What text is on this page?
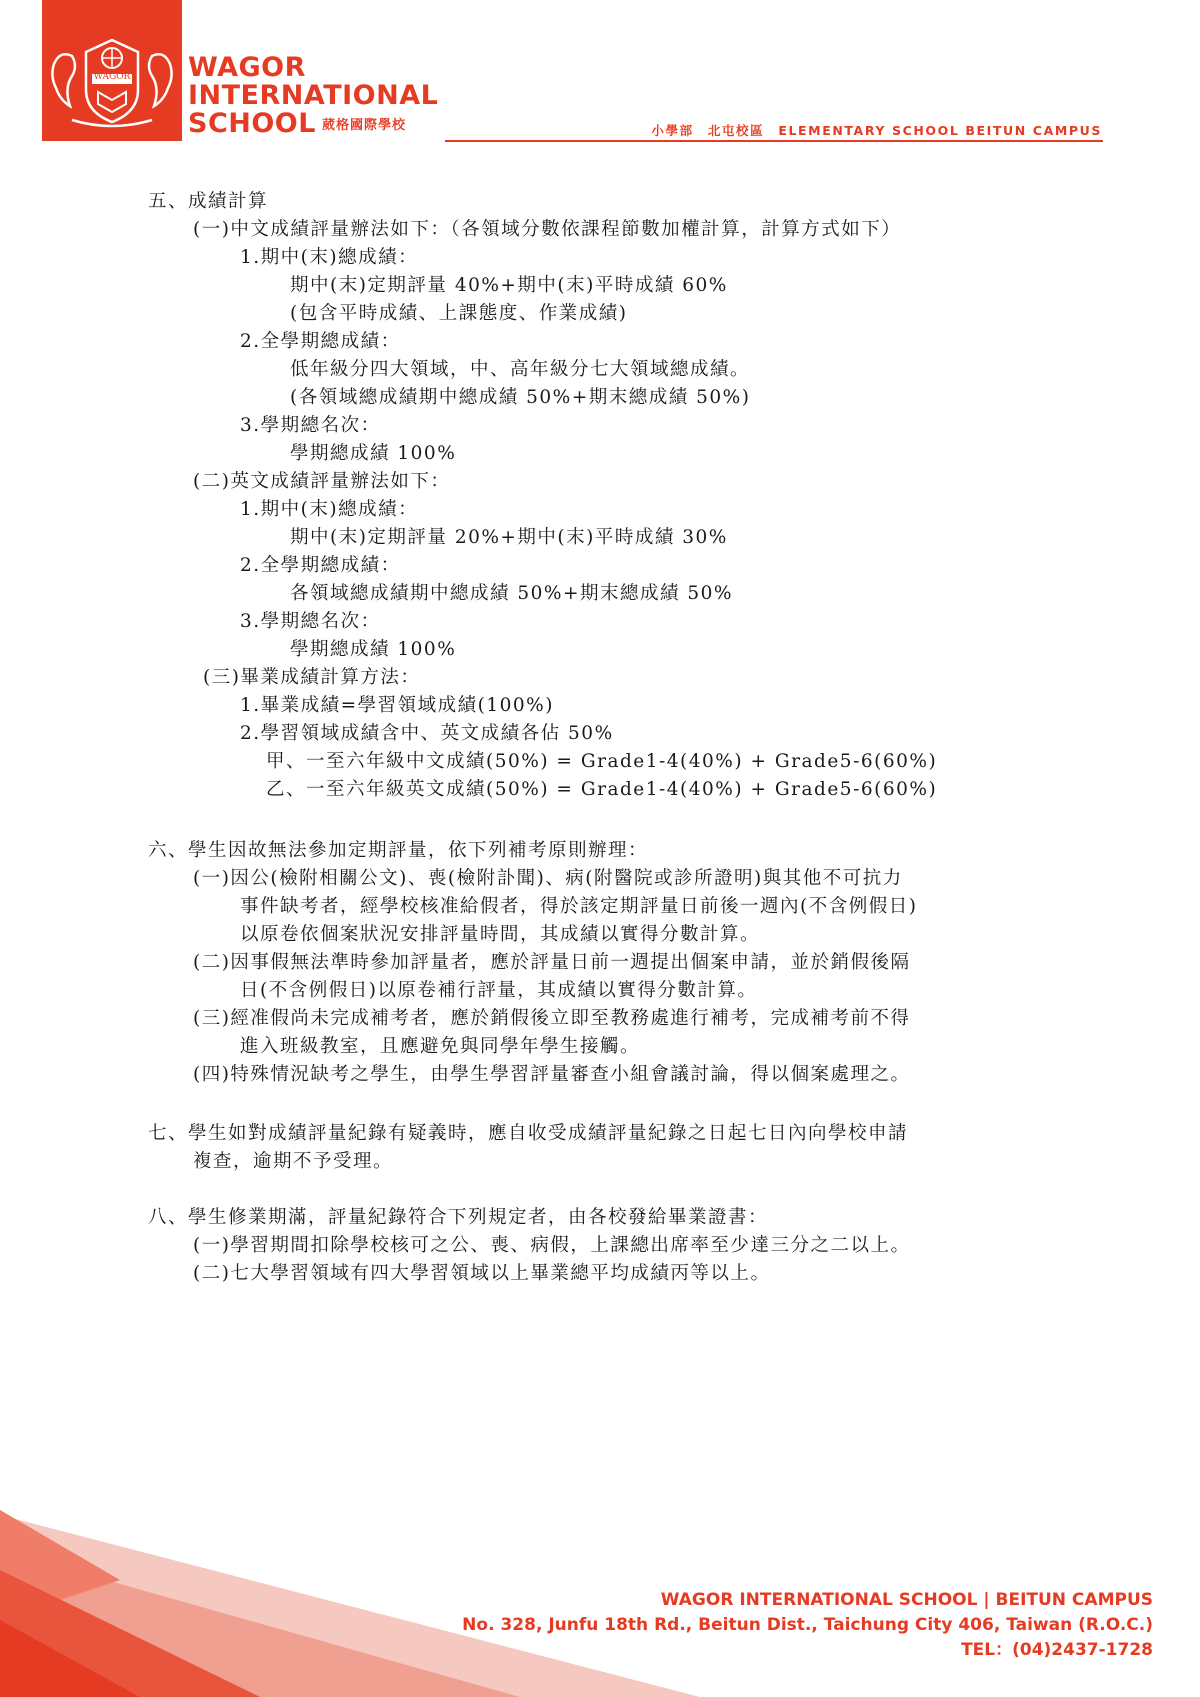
WAGOR WAGOR
INTERNATIONAL
SCHOOL 葳格國際學校	小學部　北屯校區　ELEMENTARY SCHOOL BEITUN CAMPUS
五、成績計算
(一)中文成績評量辦法如下：（各領域分數依課程節數加權計算，計算方式如下）
1.期中(末)總成績：
期中(末)定期評量 40%+期中(末)平時成績 60%
(包含平時成績、上課態度、作業成績)
2.全學期總成績：
低年級分四大領域，中、高年級分七大領域總成績。
(各領域總成績期中總成績 50%+期末總成績 50%)
3.學期總名次：
學期總成績 100%
(二)英文成績評量辦法如下：
1.期中(末)總成績：
期中(末)定期評量 20%+期中(末)平時成績 30%
2.全學期總成績：
各領域總成績期中總成績 50%+期末總成績 50%
3.學期總名次：
學期總成績 100%
(三)畢業成績計算方法：
1.畢業成績=學習領域成績(100%)
2.學習領域成績含中、英文成績各佔 50%
甲、一至六年級中文成績(50%) = Grade1-4(40%) + Grade5-6(60%)
乙、一至六年級英文成績(50%) = Grade1-4(40%) + Grade5-6(60%)
六、學生因故無法參加定期評量，依下列補考原則辦理：
(一)因公(檢附相關公文)、喪(檢附訃聞)、病(附醫院或診所證明)與其他不可抗力
事件缺考者，經學校核准給假者，得於該定期評量日前後一週內(不含例假日)
以原卷依個案狀況安排評量時間，其成績以實得分數計算。
(二)因事假無法準時參加評量者，應於評量日前一週提出個案申請，並於銷假後隔
日(不含例假日)以原卷補行評量，其成績以實得分數計算。
(三)經准假尚未完成補考者，應於銷假後立即至教務處進行補考，完成補考前不得
進入班級教室，且應避免與同學年學生接觸。
(四)特殊情況缺考之學生，由學生學習評量審查小組會議討論，得以個案處理之。
七、學生如對成績評量紀錄有疑義時，應自收受成績評量紀錄之日起七日內向學校申請
複查，逾期不予受理。
八、學生修業期滿，評量紀錄符合下列規定者，由各校發給畢業證書：
(一)學習期間扣除學校核可之公、喪、病假，上課總出席率至少達三分之二以上。
(二)七大學習領域有四大學習領域以上畢業總平均成績丙等以上。
WAGOR INTERNATIONAL SCHOOL | BEITUN CAMPUS
No. 328, Junfu 18th Rd., Beitun Dist., Taichung City 406, Taiwan (R.O.C.)
TEL：(04)2437-1728
